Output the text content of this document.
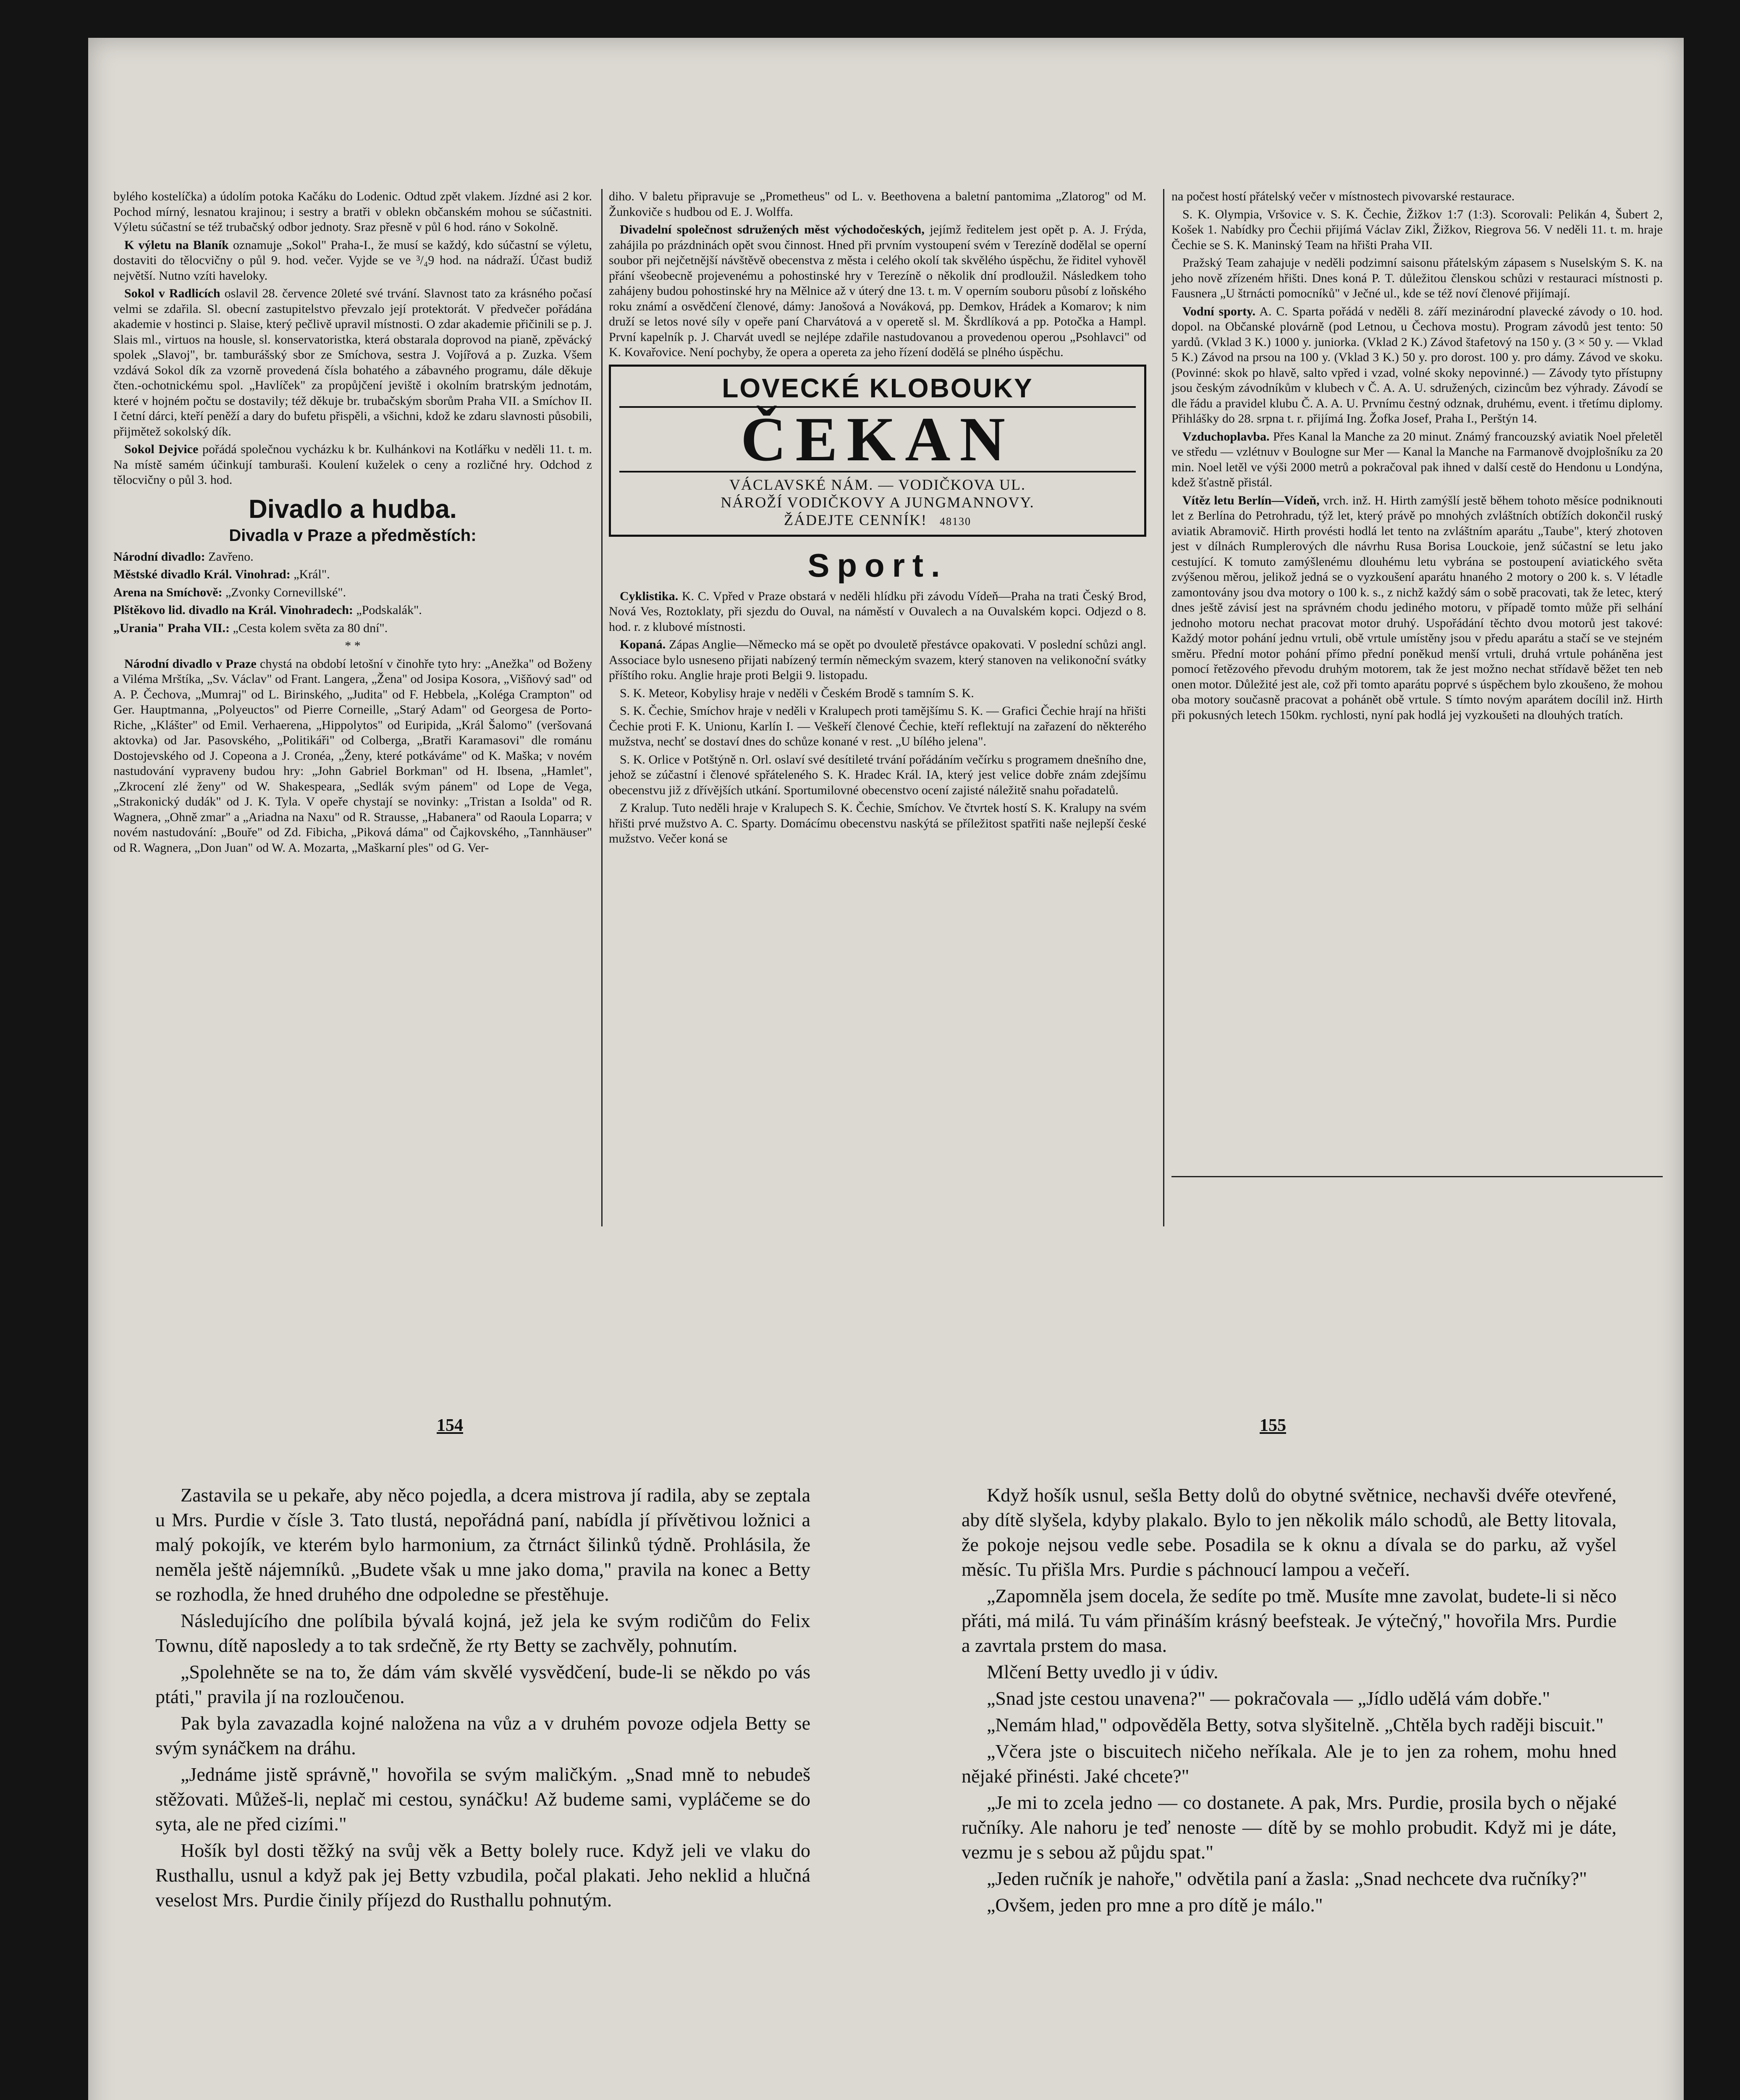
bylého kostelíčka) a údolím potoka Kačáku do Lodenic. Odtud zpět vlakem. Jízdné asi 2 kor. Pochod mírný, lesnatou krajinou; i sestry a bratři v oblekn občanském mohou se súčastniti. Výletu súčastní se též trubačský odbor jednoty. Sraz přesně v půl 6 hod. ráno v Sokolně.

K výletu na Blaník oznamuje „Sokol" Praha-I., že musí se každý, kdo súčastní se výletu, dostaviti do tělocvičny o půl 9. hod. večer. Vyjde se ve ³/₄9 hod. na nádraží. Účast budiž největší. Nutno vzíti haveloky.

Sokol v Radlicích oslavil 28. července 20leté své trvání. Slavnost tato za krásného počasí velmi se zdařila. Sl. obecní zastupitelstvo převzalo její protektorát. V předvečer pořádána akademie v hostinci p. Slaise, který pečlivě upravil místnosti. O zdar akademie přičinili se p. J. Slais ml., virtuos na housle, sl. konservatoristka, která obstarala doprovod na pianě, zpěvácký spolek „Slavoj", br. tamburášský sbor ze Smíchova, sestra J. Vojířová a p. Zuzka. Všem vzdává Sokol dík za vzorně provedená čísla bohatého a zábavného programu, dále děkuje čten.-ochotnickému spol. „Havlíček" za propůjčení jeviště i okolním bratrským jednotám, které v hojném počtu se dostavily; též děkuje br. trubačským sborům Praha VII. a Smíchov II. I četní dárci, kteří peněží a dary do bufetu přispěli, a všichni, kdož ke zdaru slavnosti působili, přijmětež sokolský dík.

Sokol Dejvice pořádá společnou vycházku k br. Kulhánkovi na Kotlářku v neděli 11. t. m. Na místě samém účinkují tamburaši. Koulení kuželek o ceny a rozličné hry. Odchod z tělocvičny o půl 3. hod.

Divadlo a hudba.
Divadla v Praze a předměstích:

Národní divadlo: Zavřeno.

Městské divadlo Král. Vinohrad: „Král".

Arena na Smíchově: „Zvonky Cornevillské".

Plštěkovo lid. divadlo na Král. Vinohradech: „Podskalák".

„Urania" Praha VII.: „Cesta kolem světa za 80 dní".

* *

Národní divadlo v Praze chystá na období letošní v činohře tyto hry: „Anežka" od Boženy a Viléma Mrštíka, „Sv. Václav" od Frant. Langera, „Žena" od Josipa Kosora, „Višňový sad" od A. P. Čechova, „Mumraj" od L. Birinského, „Judita" od F. Hebbela, „Koléga Crampton" od Ger. Hauptmanna, „Polyeuctos" od Pierre Corneille, „Starý Adam" od Georgesa de Porto-Riche, „Klášter" od Emil. Verhaerena, „Hippolytos" od Euripida, „Král Šalomo" (veršovaná aktovka) od Jar. Pasovského, „Politikáři" od Colberga, „Bratři Karamasovi" dle románu Dostojevského od J. Copeona a J. Cronéa, „Ženy, které potkáváme" od K. Maška; v novém nastudování vypraveny budou hry: „John Gabriel Borkman" od H. Ibsena, „Hamlet", „Zkrocení zlé ženy" od W. Shakespeara, „Sedlák svým pánem" od Lope de Vega, „Strakonický dudák" od J. K. Tyla. V opeře chystají se novinky: „Tristan a Isolda" od R. Wagnera, „Ohně zmar" a „Ariadna na Naxu" od R. Strausse, „Habanera" od Raoula Loparra; v novém nastudování: „Bouře" od Zd. Fibicha, „Piková dáma" od Čajkovského, „Tannhäuser" od R. Wagnera, „Don Juan" od W. A. Mozarta, „Maškarní ples" od G. Ver-

diho. V baletu připravuje se „Prometheus" od L. v. Beethovena a baletní pantomima „Zlatorog" od M. Žunkoviče s hudbou od E. J. Wolffa.

Divadelní společnost sdružených měst východočeských, jejímž ředitelem jest opět p. A. J. Frýda, zahájila po prázdninách opět svou činnost. Hned při prvním vystoupení svém v Terezíně dodělal se operní soubor při nejčetnější návštěvě obecenstva z města i celého okolí tak skvělého úspěchu, že řiditel vyhověl přání všeobecně projevenému a pohostinské hry v Terezíně o několik dní prodloužil. Následkem toho zahájeny budou pohostinské hry na Mělnice až v úterý dne 13. t. m. V operním souboru působí z loňského roku známí a osvědčení členové, dámy: Janošová a Nováková, pp. Demkov, Hrádek a Komarov; k nim druží se letos nové síly v opeře paní Charvátová a v operetě sl. M. Škrdlíková a pp. Potočka a Hampl. První kapelník p. J. Charvát uvedl se nejlépe zdařile nastudovanou a provedenou operou „Psohlavci" od K. Kovařovice. Není pochyby, že opera a opereta za jeho řízení dodělá se plného úspěchu.

LOVECKÉ KLOBOUKY
ČEKAN
VÁCLAVSKÉ NÁM. — VODIČKOVA UL.
NÁROŽÍ VODIČKOVY A JUNGMANNOVY.
ŽÁDEJTE CENNÍK! 48130
Sport.

Cyklistika. K. C. Vpřed v Praze obstará v neděli hlídku při závodu Vídeň—Praha na trati Český Brod, Nová Ves, Roztoklaty, při sjezdu do Ouval, na náměstí v Ouvalech a na Ouvalském kopci. Odjezd o 8. hod. r. z klubové místnosti.

Kopaná. Zápas Anglie—Německo má se opět po dvouletě přestávce opakovati. V poslední schůzi angl. Associace bylo usneseno přijati nabízený termín německým svazem, který stanoven na velikonoční svátky příštího roku. Anglie hraje proti Belgii 9. listopadu.

S. K. Meteor, Kobylisy hraje v neděli v Českém Brodě s tamním S. K.

S. K. Čechie, Smíchov hraje v neděli v Kralupech proti tamějšímu S. K. — Grafici Čechie hrají na hřišti Čechie proti F. K. Unionu, Karlín I. — Veškeří členové Čechie, kteří reflektují na zařazení do některého mužstva, nechť se dostaví dnes do schůze konané v rest. „U bílého jelena".

S. K. Orlice v Potštýně n. Orl. oslaví své desítileté trvání pořádáním večírku s programem dnešního dne, jehož se zúčastní i členové spřáteleného S. K. Hradec Král. IA, který jest velice dobře znám zdejšímu obecenstvu již z dřívějších utkání. Sportumilovné obecenstvo ocení zajisté náležitě snahu pořadatelů.

Z Kralup. Tuto neděli hraje v Kralupech S. K. Čechie, Smíchov. Ve čtvrtek hostí S. K. Kralupy na svém hřišti prvé mužstvo A. C. Sparty. Domácímu obecenstvu naskýtá se příležitost spatřiti naše nejlepší české mužstvo. Večer koná se

na počest hostí přátelský večer v místnostech pivovarské restaurace.

S. K. Olympia, Vršovice v. S. K. Čechie, Žižkov 1:7 (1:3). Scorovali: Pelikán 4, Šubert 2, Košek 1. Nabídky pro Čechii přijímá Václav Zikl, Žižkov, Riegrova 56. V neděli 11. t. m. hraje Čechie se S. K. Maninský Team na hřišti Praha VII.

Pražský Team zahajuje v neděli podzimní saisonu přátelským zápasem s Nuselským S. K. na jeho nově zřízeném hřišti. Dnes koná P. T. důležitou členskou schůzi v restauraci místnosti p. Fausnera „U štrnácti pomocníků" v Ječné ul., kde se též noví členové přijímají.

Vodní sporty. A. C. Sparta pořádá v neděli 8. září mezinárodní plavecké závody o 10. hod. dopol. na Občanské plovárně (pod Letnou, u Čechova mostu). Program závodů jest tento: 50 yardů. (Vklad 3 K.) 1000 y. juniorka. (Vklad 2 K.) Závod štafetový na 150 y. (3 × 50 y. — Vklad 5 K.) Závod na prsou na 100 y. (Vklad 3 K.) 50 y. pro dorost. 100 y. pro dámy. Závod ve skoku. (Povinné: skok po hlavě, salto vpřed i vzad, volné skoky nepovinné.) — Závody tyto přístupny jsou českým závodníkům v klubech v Č. A. A. U. sdružených, cizincům bez výhrady. Závodí se dle řádu a pravidel klubu Č. A. A. U. Prvnímu čestný odznak, druhému, event. i třetímu diplomy. Přihlášky do 28. srpna t. r. přijímá Ing. Žofka Josef, Praha I., Perštýn 14.

Vzduchoplavba. Přes Kanal la Manche za 20 minut. Známý francouzský aviatik Noel přeletěl ve středu — vzlétnuv v Boulogne sur Mer — Kanal la Manche na Farmanově dvojplošníku za 20 min. Noel letěl ve výši 2000 metrů a pokračoval pak ihned v další cestě do Hendonu u Londýna, kdež šťastně přistál.

Vítěz letu Berlín—Vídeň, vrch. inž. H. Hirth zamýšlí jestě během tohoto měsíce podniknouti let z Berlína do Petrohradu, týž let, který právě po mnohých zvláštních obtížích dokončil ruský aviatik Abramovič. Hirth provésti hodlá let tento na zvláštním aparátu „Taube", který zhotoven jest v dílnách Rumplerových dle návrhu Rusa Borisa Louckoie, jenž súčastní se letu jako cestující. K tomuto zamýšlenému dlouhému letu vybrána se postoupení aviatického světa zvýšenou měrou, jelikož jedná se o vyzkoušení aparátu hnaného 2 motory o 200 k. s. V létadle zamontovány jsou dva motory o 100 k. s., z nichž každý sám o sobě pracovati, tak že letec, který dnes ještě závisí jest na správném chodu jediného motoru, v případě tomto může při selhání jednoho motoru nechat pracovat motor druhý. Uspořádání těchto dvou motorů jest takové: Každý motor pohání jednu vrtuli, obě vrtule umístěny jsou v předu aparátu a stačí se ve stejném směru. Přední motor pohání přímo přední poněkud menší vrtuli, druhá vrtule poháněna jest pomocí řetězového převodu druhým motorem, tak že jest možno nechat střídavě běžet ten neb onen motor. Důležité jest ale, což při tomto aparátu poprvé s úspěchem bylo zkoušeno, že mohou oba motory současně pracovat a pohánět obě vrtule. S tímto novým aparátem docílil inž. Hirth při pokusných letech 150km. rychlosti, nyní pak hodlá jej vyzkoušeti na dlouhých tratích.

154	155

Zastavila se u pekaře, aby něco pojedla, a dcera mistrova jí radila, aby se zeptala u Mrs. Purdie v čísle 3. Tato tlustá, nepořádná paní, nabídla jí přívětivou ložnici a malý pokojík, ve kterém bylo harmonium, za čtrnáct šilinků týdně. Prohlásila, že neměla ještě nájemníků. „Budete však u mne jako doma," pravila na konec a Betty se rozhodla, že hned druhého dne odpoledne se přestěhuje.

Následujícího dne políbila bývalá kojná, jež jela ke svým rodičům do Felix Townu, dítě naposledy a to tak srdečně, že rty Betty se zachvěly, pohnutím.

„Spolehněte se na to, že dám vám skvělé vysvědčení, bude-li se někdo po vás ptáti," pravila jí na rozloučenou.

Pak byla zavazadla kojné naložena na vůz a v druhém povoze odjela Betty se svým synáčkem na dráhu.

„Jednáme jistě správně," hovořila se svým maličkým. „Snad mně to nebudeš stěžovati. Můžeš-li, neplač mi cestou, synáčku! Až budeme sami, vypláčeme se do syta, ale ne před cizími."

Hošík byl dosti těžký na svůj věk a Betty bolely ruce. Když jeli ve vlaku do Rusthallu, usnul a když pak jej Betty vzbudila, počal plakati. Jeho neklid a hlučná veselost Mrs. Purdie činily příjezd do Rusthallu pohnutým.

Když hošík usnul, sešla Betty dolů do obytné světnice, nechavši dvéře otevřené, aby dítě slyšela, kdyby plakalo. Bylo to jen několik málo schodů, ale Betty litovala, že pokoje nejsou vedle sebe. Posadila se k oknu a dívala se do parku, až vyšel měsíc. Tu přišla Mrs. Purdie s páchnoucí lampou a večeří.

„Zapomněla jsem docela, že sedíte po tmě. Musíte mne zavolat, budete-li si něco přáti, má milá. Tu vám přináším krásný beefsteak. Je výtečný," hovořila Mrs. Purdie a zavrtala prstem do masa.

Mlčení Betty uvedlo ji v údiv.

„Snad jste cestou unavena?" — pokračovala — „Jídlo udělá vám dobře."

„Nemám hlad," odpověděla Betty, sotva slyšitelně. „Chtěla bych raději biscuit."

„Včera jste o biscuitech ničeho neříkala. Ale je to jen za rohem, mohu hned nějaké přinésti. Jaké chcete?"

„Je mi to zcela jedno — co dostanete. A pak, Mrs. Purdie, prosila bych o nějaké ručníky. Ale nahoru je teď nenoste — dítě by se mohlo probudit. Když mi je dáte, vezmu je s sebou až půjdu spat."

„Jeden ručník je nahoře," odvětila paní a žasla: „Snad nechcete dva ručníky?"

„Ovšem, jeden pro mne a pro dítě je málo."
